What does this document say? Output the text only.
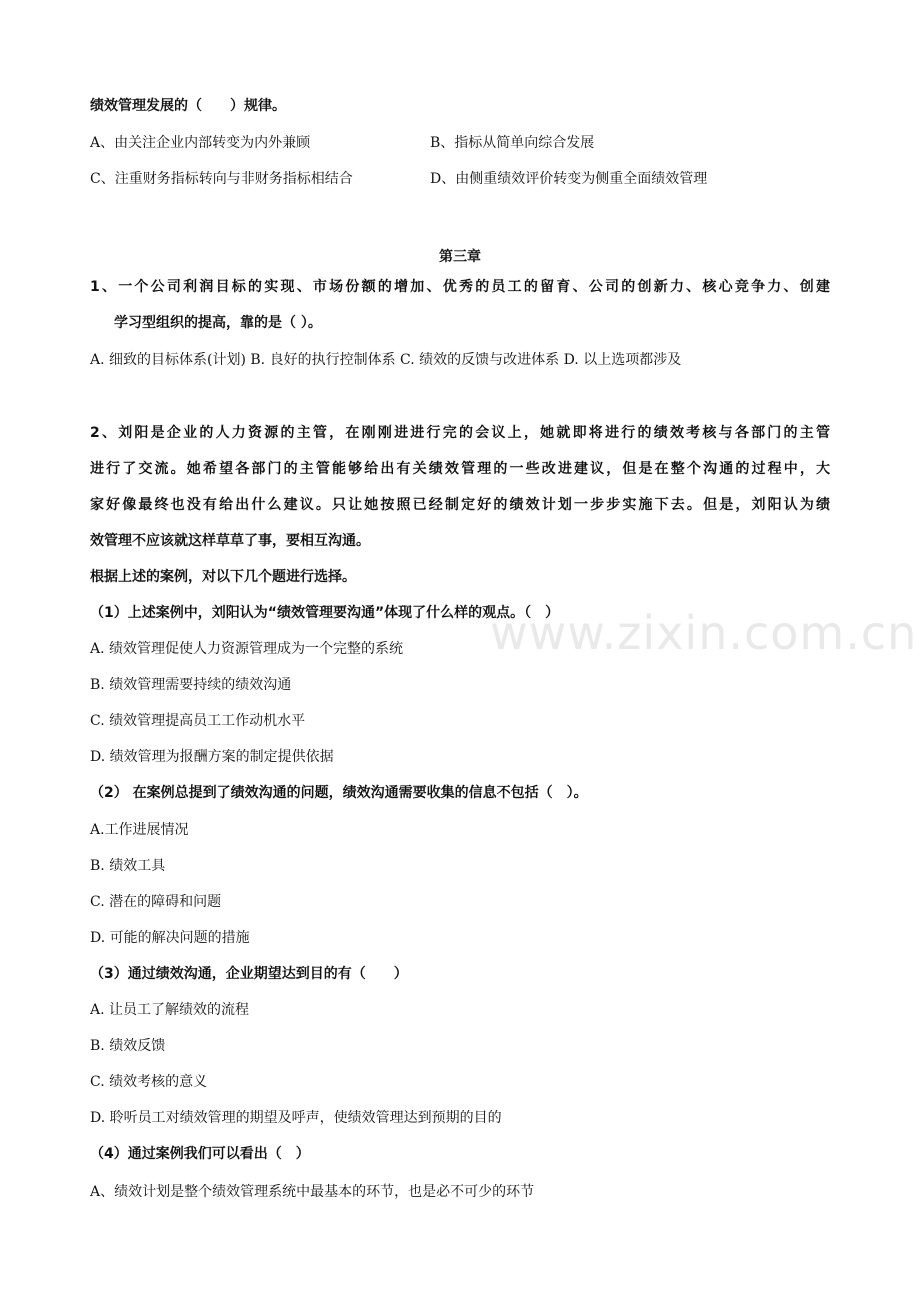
绩效管理发展的（　　）规律。
A、由关注企业内部转变为内外兼顾	B、指标从简单向综合发展
C、注重财务指标转向与非财务指标相结合	D、由侧重绩效评价转变为侧重全面绩效管理
第三章
1、一个公司利润目标的实现、市场份额的增加、优秀的员工的留育、公司的创新力、核心竞争力、创建
学习型组织的提高，靠的是（ ）。
A. 细致的目标体系(计划) B. 良好的执行控制体系 C. 绩效的反馈与改进体系 D. 以上选项都涉及
2、刘阳是企业的人力资源的主管，在刚刚进进行完的会议上，她就即将进行的绩效考核与各部门的主管
进行了交流。她希望各部门的主管能够给出有关绩效管理的一些改进建议，但是在整个沟通的过程中，大
家好像最终也没有给出什么建议。只让她按照已经制定好的绩效计划一步步实施下去。但是，刘阳认为绩
效管理不应该就这样草草了事，要相互沟通。
根据上述的案例，对以下几个题进行选择。
www.zixin.com.cn
（1）上述案例中，刘阳认为“绩效管理要沟通”体现了什么样的观点。（　）
A. 绩效管理促使人力资源管理成为一个完整的系统
B. 绩效管理需要持续的绩效沟通
C. 绩效管理提高员工工作动机水平
D. 绩效管理为报酬方案的制定提供依据
（2） 在案例总提到了绩效沟通的问题，绩效沟通需要收集的信息不包括（　）。
A.工作进展情况
B. 绩效工具
C. 潜在的障碍和问题
D. 可能的解决问题的措施
（3）通过绩效沟通，企业期望达到目的有（　　）
A. 让员工了解绩效的流程
B. 绩效反馈
C. 绩效考核的意义
D. 聆听员工对绩效管理的期望及呼声，使绩效管理达到预期的目的
（4）通过案例我们可以看出（　）
A、绩效计划是整个绩效管理系统中最基本的环节，也是必不可少的环节
